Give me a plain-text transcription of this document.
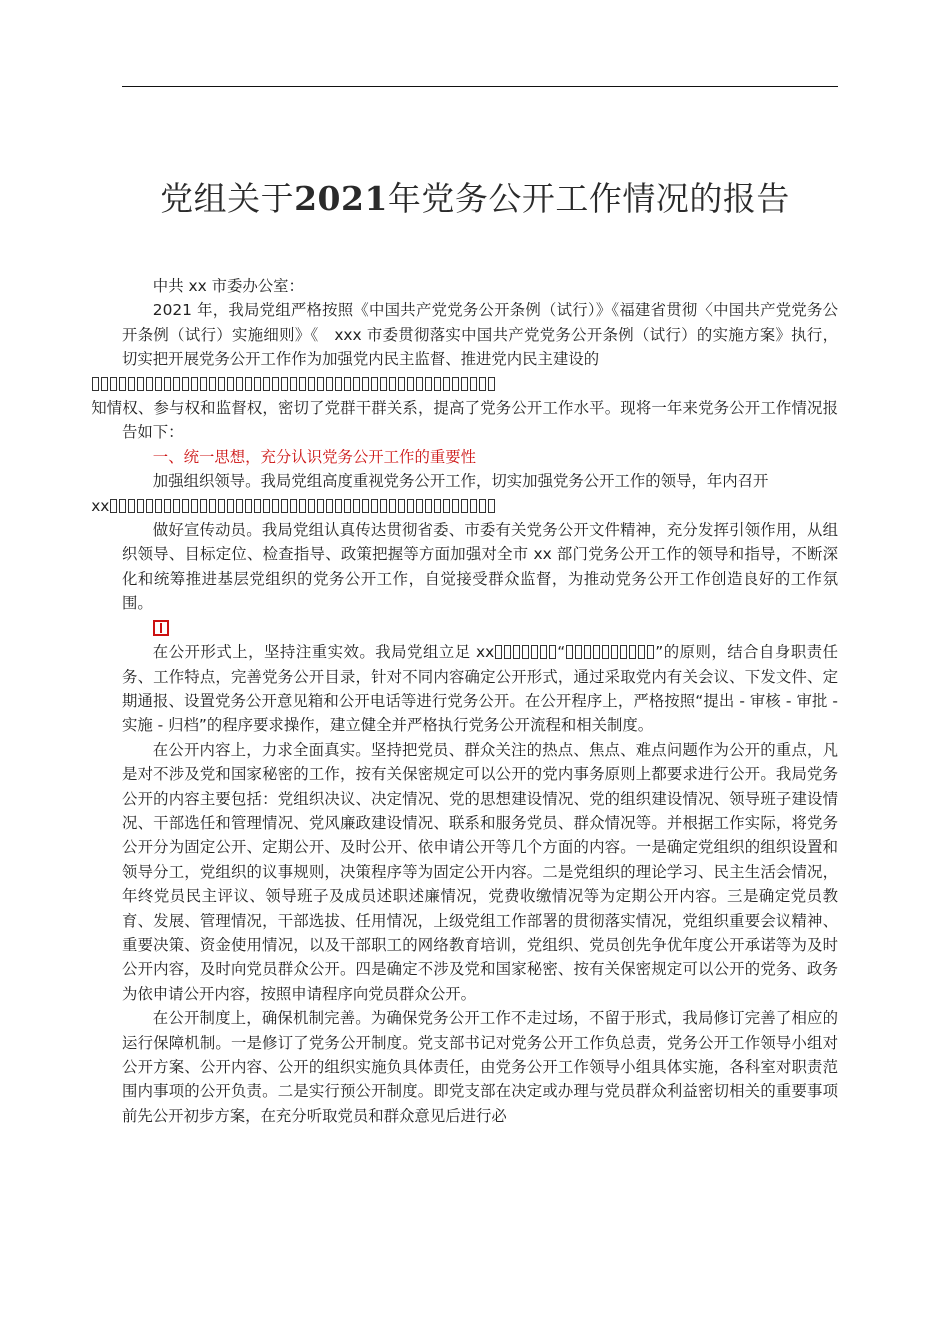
党组关于2021年党务公开工作情况的报告

中共 xx 市委办公室：

2021 年，我局党组严格按照《中国共产党党务公开条例（试行）》《福建省贯彻〈中国共产党党务公开条例（试行）实施细则》《　xxx 市委贯彻落实中国共产党党务公开条例（试行）的实施方案》执行，切实把开展党务公开工作作为加强党内民主监督、推进党内民主建设的

知情权、参与权和监督权，密切了党群干群关系，提高了党务公开工作水平。现将一年来党务公开工作情况报告如下：

一、统一思想，充分认识党务公开工作的重要性

加强组织领导。我局党组高度重视党务公开工作，切实加强党务公开工作的领导，年内召开
xx

做好宣传动员。我局党组认真传达贯彻省委、市委有关党务公开文件精神，充分发挥引领作用，从组织领导、目标定位、检查指导、政策把握等方面加强对全市 xx 部门党务公开工作的领导和指导，不断深化和统筹推进基层党组织的党务公开工作，自觉接受群众监督，为推动党务公开工作创造良好的工作氛围。

在公开形式上，坚持注重实效。我局党组立足 xx	“	”的原则，结合自身职责任务、工作特点，完善党务公开目录，针对不同内容确定公开形式，通过采取党内有关会议、下发文件、定期通报、设置党务公开意见箱和公开电话等进行党务公开。在公开程序上，严格按照“提出 - 审核 - 审批 - 实施 - 归档”的程序要求操作，建立健全并严格执行党务公开流程和相关制度。

在公开内容上，力求全面真实。坚持把党员、群众关注的热点、焦点、难点问题作为公开的重点，凡是对不涉及党和国家秘密的工作，按有关保密规定可以公开的党内事务原则上都要求进行公开。我局党务公开的内容主要包括：党组织决议、决定情况、党的思想建设情况、党的组织建设情况、领导班子建设情况、干部选任和管理情况、党风廉政建设情况、联系和服务党员、群众情况等。并根据工作实际，将党务公开分为固定公开、定期公开、及时公开、依申请公开等几个方面的内容。一是确定党组织的组织设置和领导分工，党组织的议事规则，决策程序等为固定公开内容。二是党组织的理论学习、民主生活会情况，年终党员民主评议、领导班子及成员述职述廉情况，党费收缴情况等为定期公开内容。三是确定党员教育、发展、管理情况，干部选拔、任用情况，上级党组工作部署的贯彻落实情况，党组织重要会议精神、重要决策、资金使用情况，以及干部职工的网络教育培训，党组织、党员创先争优年度公开承诺等为及时公开内容，及时向党员群众公开。四是确定不涉及党和国家秘密、按有关保密规定可以公开的党务、政务为依申请公开内容，按照申请程序向党员群众公开。

在公开制度上，确保机制完善。为确保党务公开工作不走过场，不留于形式，我局修订完善了相应的运行保障机制。一是修订了党务公开制度。党支部书记对党务公开工作负总责，党务公开工作领导小组对公开方案、公开内容、公开的组织实施负具体责任，由党务公开工作领导小组具体实施，各科室对职责范围内事项的公开负责。二是实行预公开制度。即党支部在决定或办理与党员群众利益密切相关的重要事项前先公开初步方案，在充分听取党员和群众意见后进行必
